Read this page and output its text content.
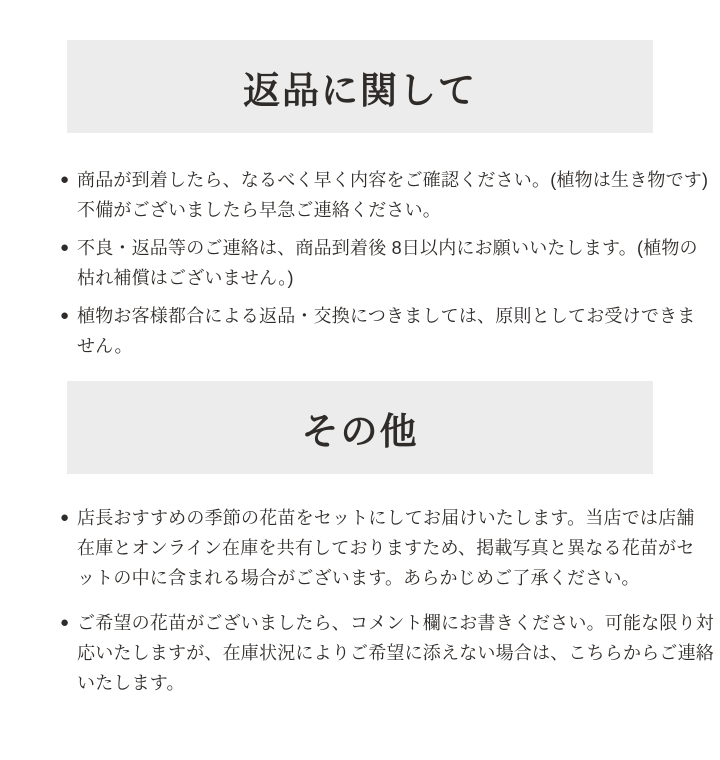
返品に関して
● 商品が到着したら、なるべく早く内容をご確認ください。(植物は生き物です)
不備がございましたら早急ご連絡ください。
● 不良・返品等のご連絡は、商品到着後 8日以内にお願いいたします。(植物の
枯れ補償はございません。)
● 植物お客様都合による返品・交換につきましては、原則としてお受けできま
せん。
その他
● 店長おすすめの季節の花苗をセットにしてお届けいたします。当店では店舗
在庫とオンライン在庫を共有しておりますため、掲載写真と異なる花苗がセ
ットの中に含まれる場合がございます。あらかじめご了承ください。
● ご希望の花苗がございましたら、コメント欄にお書きください。可能な限り対
応いたしますが、在庫状況によりご希望に添えない場合は、こちらからご連絡
いたします。
